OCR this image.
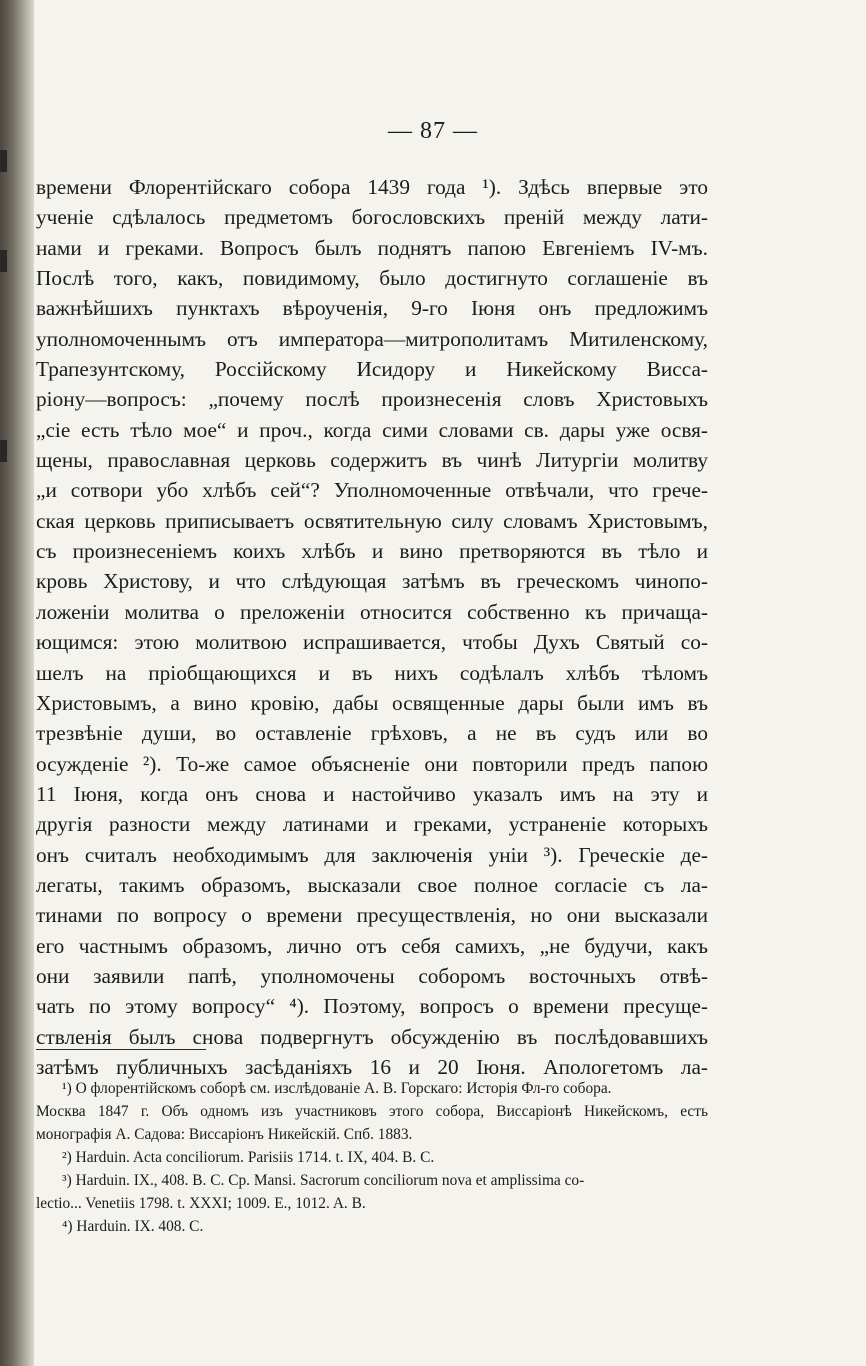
— 87 —
времени Флорентійскаго собора 1439 года ¹). Здѣсь впервые это
ученіе сдѣлалось предметомъ богословскихъ преній между лати-
нами и греками. Вопросъ былъ поднятъ папою Евгеніемъ IV-мъ.
Послѣ того, какъ, повидимому, было достигнуто соглашеніе въ
важнѣйшихъ пунктахъ вѣроученія, 9-го Іюня онъ предложимъ
уполномоченнымъ отъ императора—митрополитамъ Митиленскому,
Трапезунтскому, Россійскому Исидору и Никейскому Висса-
ріону—вопросъ: „почему послѣ произнесенія словъ Христовыхъ
„сіе есть тѣло мое“ и проч., когда сими словами св. дары уже освя-
щены, православная церковь содержитъ въ чинѣ Литургіи молитву
„и сотвори убо хлѣбъ сей“? Уполномоченные отвѣчали, что грече-
ская церковь приписываетъ освятительную силу словамъ Христовымъ,
съ произнесеніемъ коихъ хлѣбъ и вино претворяются въ тѣло и
кровь Христову, и что слѣдующая затѣмъ въ греческомъ чинопо-
ложеніи молитва о преложеніи относится собственно къ причаща-
ющимся: этою молитвою испрашивается, чтобы Духъ Святый со-
шелъ на пріобщающихся и въ нихъ содѣлалъ хлѣбъ тѣломъ
Христовымъ, а вино кровію, дабы освященные дары были имъ въ
трезвѣніе души, во оставленіе грѣховъ, а не въ судъ или во
осужденіе ²). То-же самое объясненіе они повторили предъ папою
11 Іюня, когда онъ снова и настойчиво указалъ имъ на эту и
другія разности между латинами и греками, устраненіе которыхъ
онъ считалъ необходимымъ для заключенія уніи ³). Греческіе де-
легаты, такимъ образомъ, высказали свое полное согласіе съ ла-
тинами по вопросу о времени пресуществленія, но они высказали
его частнымъ образомъ, лично отъ себя самихъ, „не будучи, какъ
они заявили папѣ, уполномочены соборомъ восточныхъ отвѣ-
чать по этому вопросу“ ⁴). Поэтому, вопросъ о времени пресуще-
ствленія былъ снова подвергнутъ обсужденію въ послѣдовавшихъ
затѣмъ публичныхъ засѣданіяхъ 16 и 20 Іюня. Апологетомъ ла-
¹) О флорентійскомъ соборѣ см. изслѣдованіе А. В. Горскаго: Исторія Фл-го собора.
Москва 1847 г. Объ одномъ изъ участниковъ этого собора, Виссаріонѣ Никейскомъ, есть
монографія А. Садова: Виссаріонъ Никейскій. Спб. 1883.
²) Harduin. Acta conciliorum. Parisiis 1714. t. IX, 404. B. C.
³) Harduin. IX., 408. B. C. Cp. Mansi. Sacrorum conciliorum nova et amplissima co-
lectio... Venetiis 1798. t. XXXI; 1009. E., 1012. A. B.
⁴) Harduin. IX. 408. C.
